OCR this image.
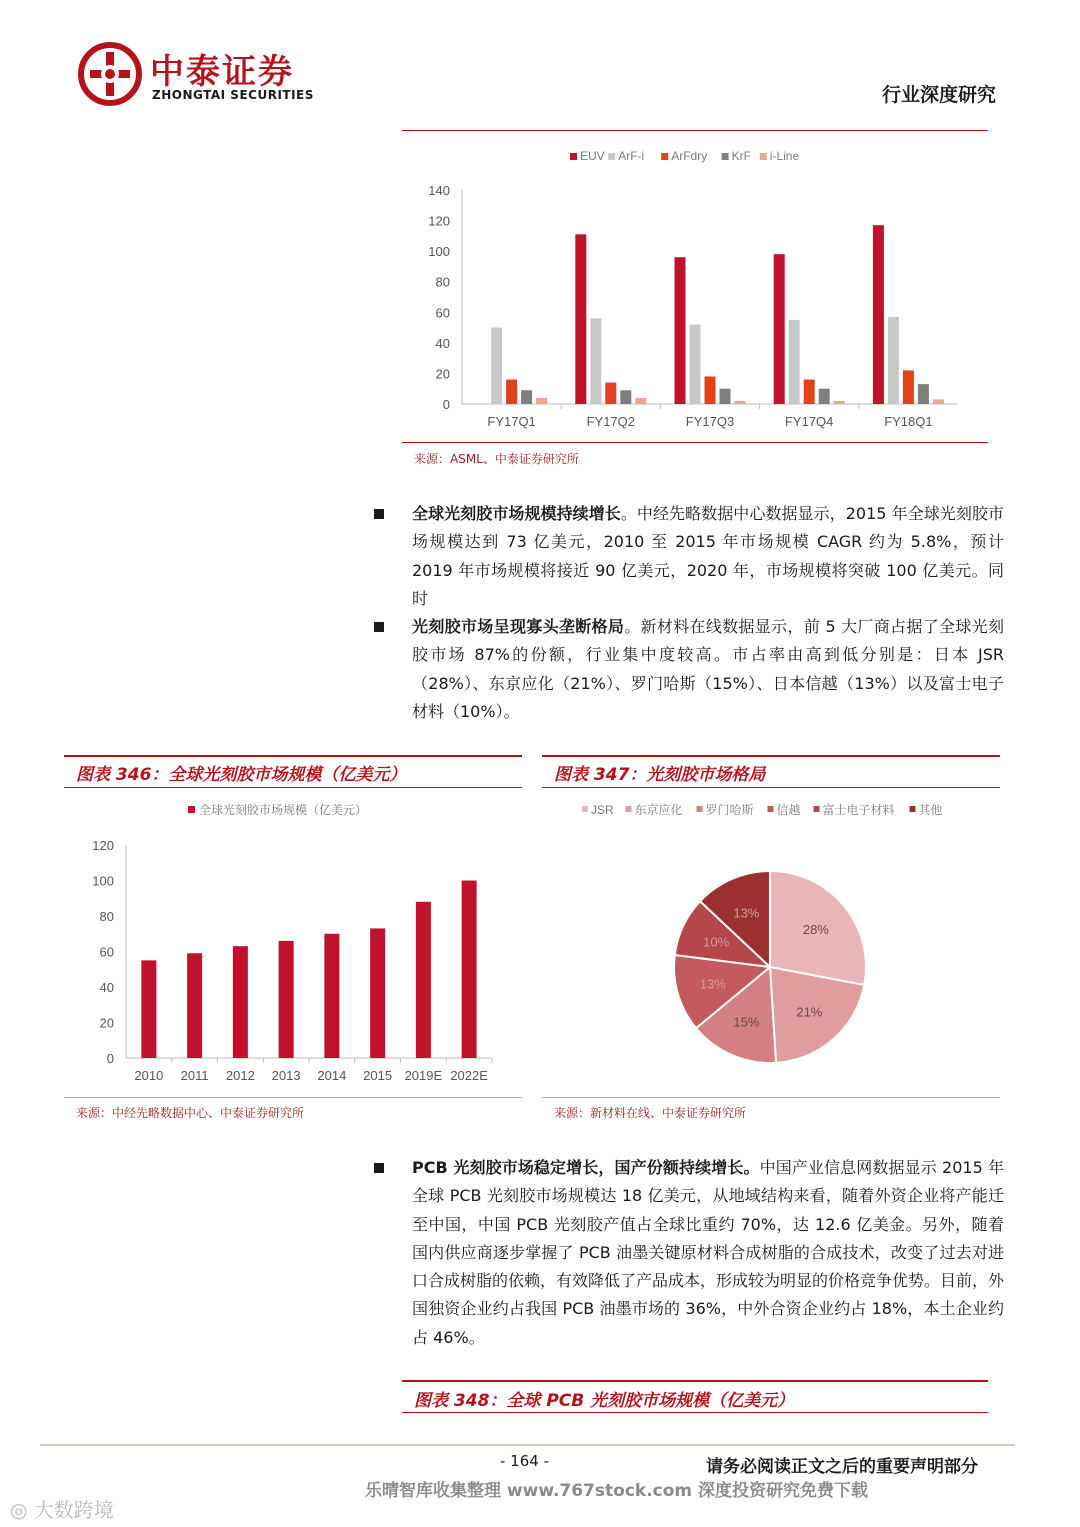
中泰证券
ZHONGTAI SECURITIES	行业深度研究
EUV ArF-i ArFdry KrF i-Line
0
20
40
60
80
100
120
140
FY17Q1	FY17Q2	FY17Q3	FY17Q4	FY18Q1
来源：ASML、中泰证券研究所
全球光刻胶市场规模持续增长。中经先略数据中心数据显示，2015 年全球光刻胶市场规模达到 73 亿美元，2010 至 2015 年市场规模 CAGR 约为 5.8%，预计 2019 年市场规模将接近 90 亿美元，2020 年，市场规模将突破 100 亿美元。同时
光刻胶市场呈现寡头垄断格局。新材料在线数据显示，前 5 大厂商占据了全球光刻胶市场 87%的份额，行业集中度较高。市占率由高到低分别是：日本 JSR（28%）、东京应化（21%）、罗门哈斯（15%）、日本信越（13%）以及富士电子材料（10%）。
图表 346：全球光刻胶市场规模（亿美元）
全球光刻胶市场规模（亿美元）
0
20
40
60
80
100
120
2010 2011 2012 2013 2014 2015 2019E 2022E
来源：中经先略数据中心、中泰证券研究所
图表 347：光刻胶市场格局
JSR 东京应化 罗门哈斯 信越 富士电子材料 其他
28%
21%
15%
13%
10%
13%
来源：新材料在线、中泰证券研究所
PCB 光刻胶市场稳定增长，国产份额持续增长。中国产业信息网数据显示 2015 年全球 PCB 光刻胶市场规模达 18 亿美元，从地域结构来看，随着外资企业将产能迁至中国，中国 PCB 光刻胶产值占全球比重约 70%，达 12.6 亿美金。另外，随着国内供应商逐步掌握了 PCB 油墨关键原材料合成树脂的合成技术，改变了过去对进口合成树脂的依赖，有效降低了产品成本，形成较为明显的价格竞争优势。目前，外国独资企业约占我国 PCB 油墨市场的 36%，中外合资企业约占 18%，本土企业约占 46%。
图表 348：全球 PCB 光刻胶市场规模（亿美元）
- 164 -	请务必阅读正文之后的重要声明部分
乐晴智库收集整理 www.767stock.com 深度投资研究免费下载
◎ 大数跨境
